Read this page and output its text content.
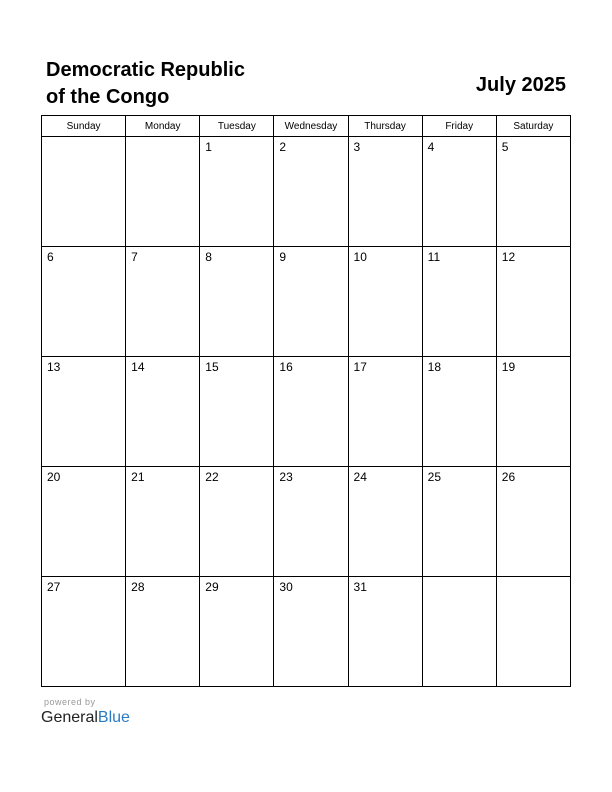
Democratic Republic
of the Congo
July 2025
Sunday	Monday	Tuesday	Wednesday	Thursday	Friday	Saturday

		1	2	3	4	5

6	7	8	9	10	11	12

13	14	15	16	17	18	19

20	21	22	23	24	25	26

27	28	29	30	31		

powered by
GeneralBlue
